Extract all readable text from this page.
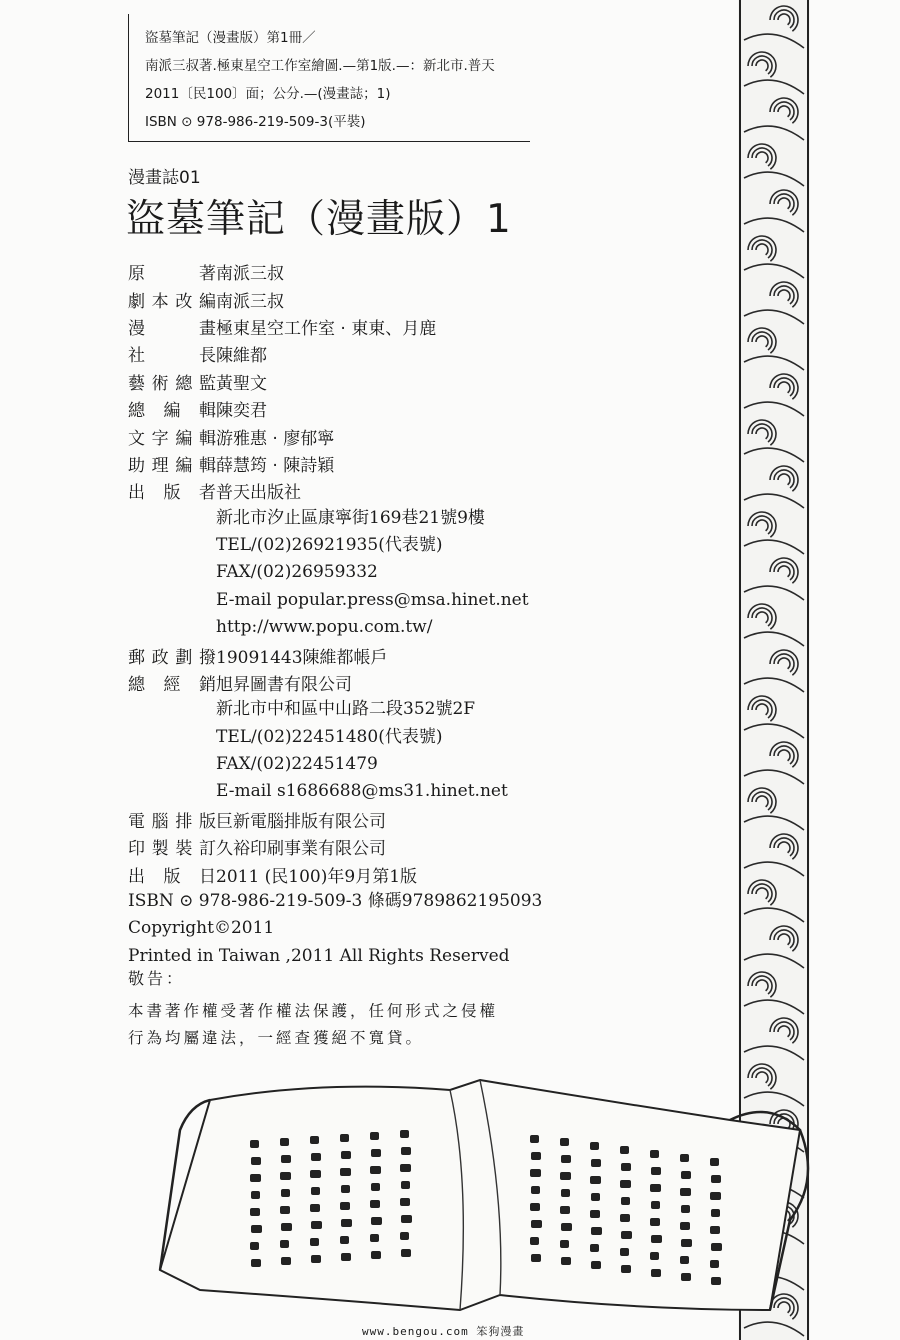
盜墓筆記（漫畫版）第1冊／
南派三叔著.極東星空工作室繪圖.—第1版.—：新北市.普天
2011〔民100〕面；公分.—(漫畫誌；1)
ISBN ⊙ 978-986-219-509-3(平裝)
漫畫誌01
盜墓筆記（漫畫版）1
原著 南派三叔
劇本改編 南派三叔
漫畫 極東星空工作室 · 東東、月鹿
社長 陳維都
藝術總監 黃聖文
總編輯 陳奕君
文字編輯 游雅惠 · 廖郁寧
助理編輯 薛慧筠 · 陳詩穎
出版者 普天出版社
新北市汐止區康寧街169巷21號9樓
TEL/(02)26921935(代表號)
FAX/(02)26959332
E-mail popular.press@msa.hinet.net
http://www.popu.com.tw/
郵政劃撥 19091443陳維都帳戶
總經銷 旭昇圖書有限公司
新北市中和區中山路二段352號2F
TEL/(02)22451480(代表號)
FAX/(02)22451479
E-mail s1686688@ms31.hinet.net
電腦排版 巨新電腦排版有限公司
印製裝訂 久裕印刷事業有限公司
出版日 2011 (民100)年9月第1版
ISBN ⊙ 978-986-219-509-3 條碼9789862195093
Copyright©2011
Printed in Taiwan ,2011 All Rights Reserved
敬告：
本書著作權受著作權法保護，任何形式之侵權
行為均屬違法，一經查獲絕不寬貸。
www.bengou.com 笨狗漫畫
